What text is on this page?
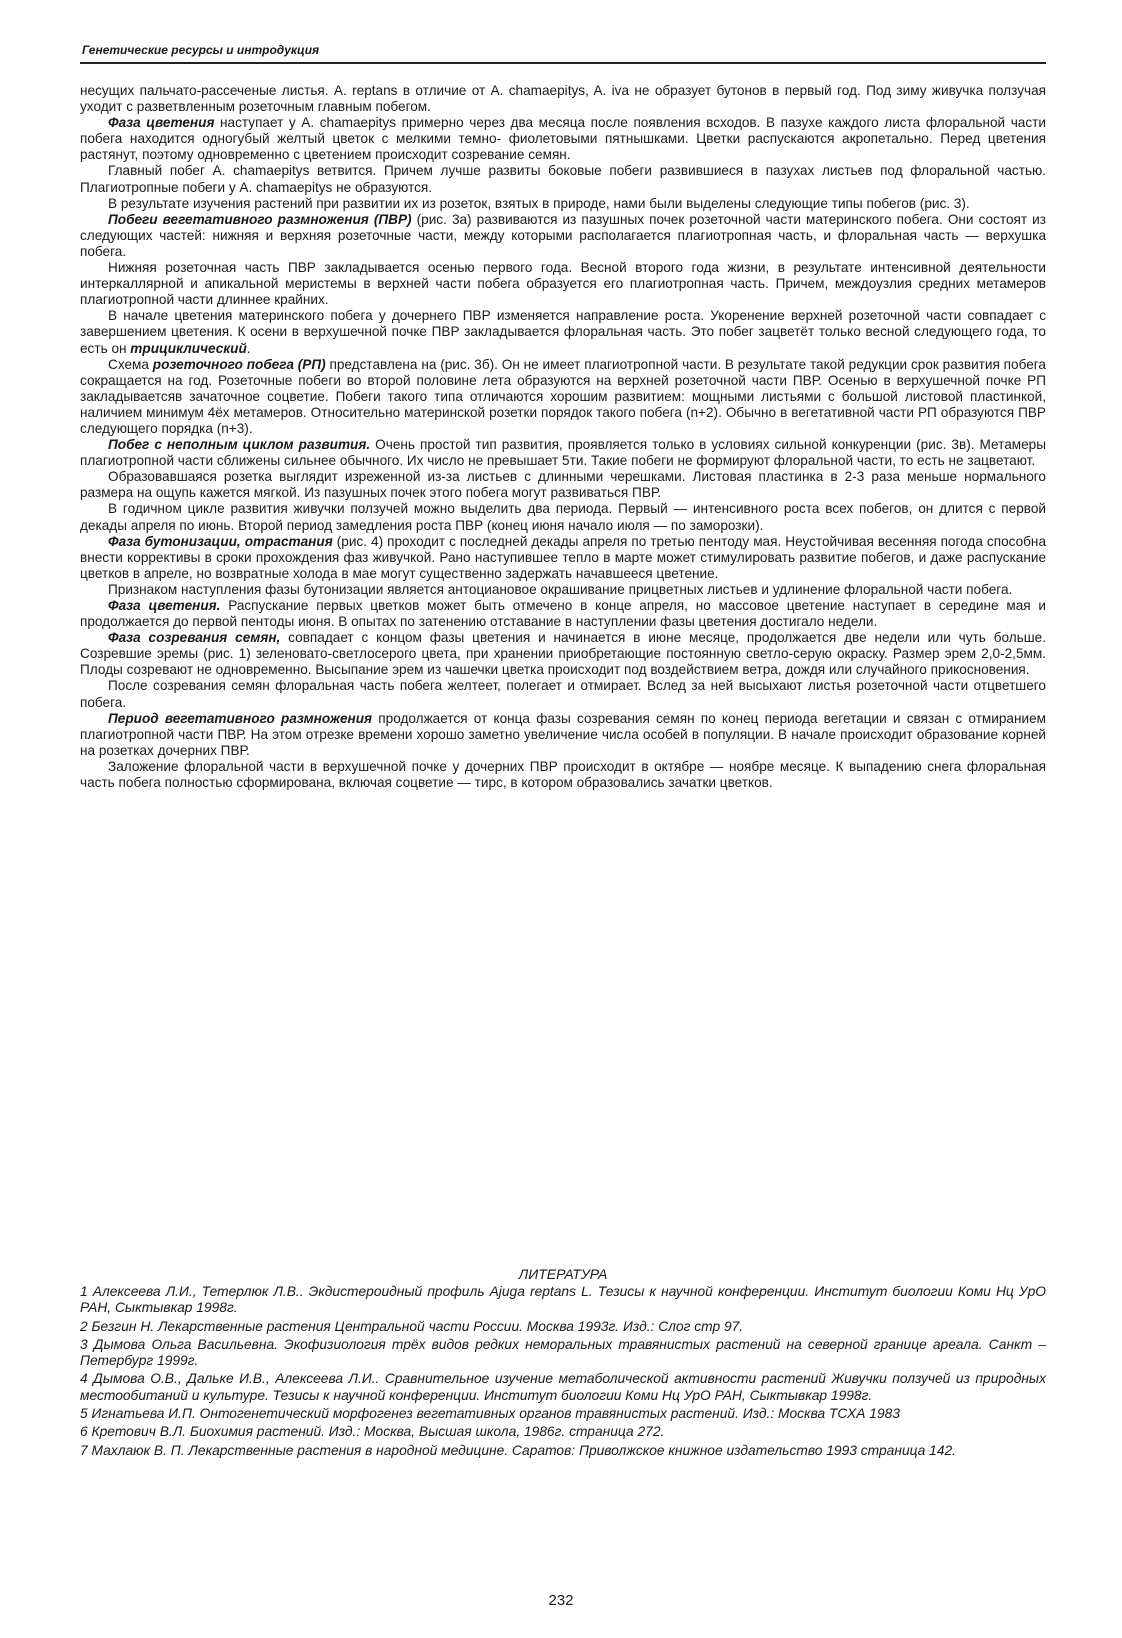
Генетические ресурсы и интродукция

несущих пальчато-рассеченые листья. A. reptans в отличие от A. chamaepitys, A. iva не образует бутонов в первый год. Под зиму живучка ползучая уходит с разветвленным розеточным главным побегом.

Фаза цветения наступает у A. chamaepitys примерно через два месяца после появления всходов. В пазухе каждого листа флоральной части побега находится одногубый желтый цветок с мелкими темно- фиолетовыми пятнышками. Цветки распускаются акропетально. Перед цветения растянут, поэтому одновременно с цветением происходит созревание семян.

Главный побег A. chamaepitys ветвится. Причем лучше развиты боковые побеги развившиеся в пазухах листьев под флоральной частью. Плагиотропные побеги у A. chamaepitys не образуются.

В результате изучения растений при развитии их из розеток, взятых в природе, нами были выделены следующие типы побегов (рис. 3).

Побеги вегетативного размножения (ПВР) (рис. 3а) развиваются из пазушных почек розеточной части материнского побега. Они состоят из следующих частей: нижняя и верхняя розеточные части, между которыми располагается плагиотропная часть, и флоральная часть — верхушка побега.

Нижняя розеточная часть ПВР закладывается осенью первого года. Весной второго года жизни, в результате интенсивной деятельности интеркаллярной и апикальной меристемы в верхней части побега образуется его плагиотропная часть. Причем, междоузлия средних метамеров плагиотропной части длиннее крайних.

В начале цветения материнского побега у дочернего ПВР изменяется направление роста. Укоренение верхней розеточной части совпадает с завершением цветения. К осени в верхушечной почке ПВР закладывается флоральная часть. Это побег зацветёт только весной следующего года, то есть он трициклический.

Схема розеточного побега (РП) представлена на (рис. 3б). Он не имеет плагиотропной части. В результате такой редукции срок развития побега сокращается на год. Розеточные побеги во второй половине лета образуются на верхней розеточной части ПВР. Осенью в верхушечной почке РП закладываетсяв зачаточное соцветие. Побеги такого типа отличаются хорошим развитием: мощными листьями с большой листовой пластинкой, наличием минимум 4ёх метамеров. Относительно материнской розетки порядок такого побега (n+2). Обычно в вегетативной части РП образуются ПВР следующего порядка (n+3).

Побег с неполным циклом развития. Очень простой тип развития, проявляется только в условиях сильной конкуренции (рис. 3в). Метамеры плагиотропной части сближены сильнее обычного. Их число не превышает 5ти. Такие побеги не формируют флоральной части, то есть не зацветают.

Образовавшаяся розетка выглядит изреженной из-за листьев с длинными черешками. Листовая пластинка в 2-3 раза меньше нормального размера на ощупь кажется мягкой. Из пазушных почек этого побега могут развиваться ПВР.

В годичном цикле развития живучки ползучей можно выделить два периода. Первый — интенсивного роста всех побегов, он длится с первой декады апреля по июнь. Второй период замедления роста ПВР (конец июня начало июля — по заморозки).

Фаза бутонизации, отрастания (рис. 4) проходит с последней декады апреля по третью пентоду мая. Неустойчивая весенняя погода способна внести коррективы в сроки прохождения фаз живучкой. Рано наступившее тепло в марте может стимулировать развитие побегов, и даже распускание цветков в апреле, но возвратные холода в мае могут существенно задержать начавшееся цветение.

Признаком наступления фазы бутонизации является антоциановое окрашивание прицветных листьев и удлинение флоральной части побега.

Фаза цветения. Распускание первых цветков может быть отмечено в конце апреля, но массовое цветение наступает в середине мая и продолжается до первой пентоды июня. В опытах по затенению отставание в наступлении фазы цветения достигало недели.

Фаза созревания семян, совпадает с концом фазы цветения и начинается в июне месяце, продолжается две недели или чуть больше. Созревшие эремы (рис. 1) зеленовато-светлосерого цвета, при хранении приобретающие постоянную светло-серую окраску. Размер эрем 2,0-2,5мм. Плоды созревают не одновременно. Высыпание эрем из чашечки цветка происходит под воздействием ветра, дождя или случайного прикосновения.

После созревания семян флоральная часть побега желтеет, полегает и отмирает. Вслед за ней высыхают листья розеточной части отцветшего побега.

Период вегетативного размножения продолжается от конца фазы созревания семян по конец периода вегетации и связан с отмиранием плагиотропной части ПВР. На этом отрезке времени хорошо заметно увеличение числа особей в популяции. В начале происходит образование корней на розетках дочерних ПВР.

Заложение флоральной части в верхушечной почке у дочерних ПВР происходит в октябре — ноябре месяце. К выпадению снега флоральная часть побега полностью сформирована, включая соцветие — тирс, в котором образовались зачатки цветков.

ЛИТЕРАТУРА

1 Алексеева Л.И., Тетерлюк Л.В.. Экдистероидный профиль Ajuga reptans L. Тезисы к научной конференции. Институт биологии Коми Нц УрО РАН, Сыктывкар 1998г.

2 Безгин Н. Лекарственные растения Центральной части России. Москва 1993г. Изд.: Слог стр 97.

3 Дымова Ольга Васильевна. Экофизиология трёх видов редких неморальных травянистых растений на северной границе ареала. Санкт – Петербург 1999г.

4 Дымова О.В., Дальке И.В., Алексеева Л.И.. Сравнительное изучение метаболической активности растений Живучки ползучей из природных местообитаний и культуре. Тезисы к научной конференции. Институт биологии Коми Нц УрО РАН, Сыктывкар 1998г.

5 Игнатьева И.П. Онтогенетический морфогенез вегетативных органов травянистых растений. Изд.: Москва ТСХА 1983

6 Кретович В.Л. Биохимия растений. Изд.: Москва, Высшая школа, 1986г. страница 272.

7 Махлаюк В. П. Лекарственные растения в народной медицине. Саратов: Приволжское книжное издательство 1993 страница 142.

232
